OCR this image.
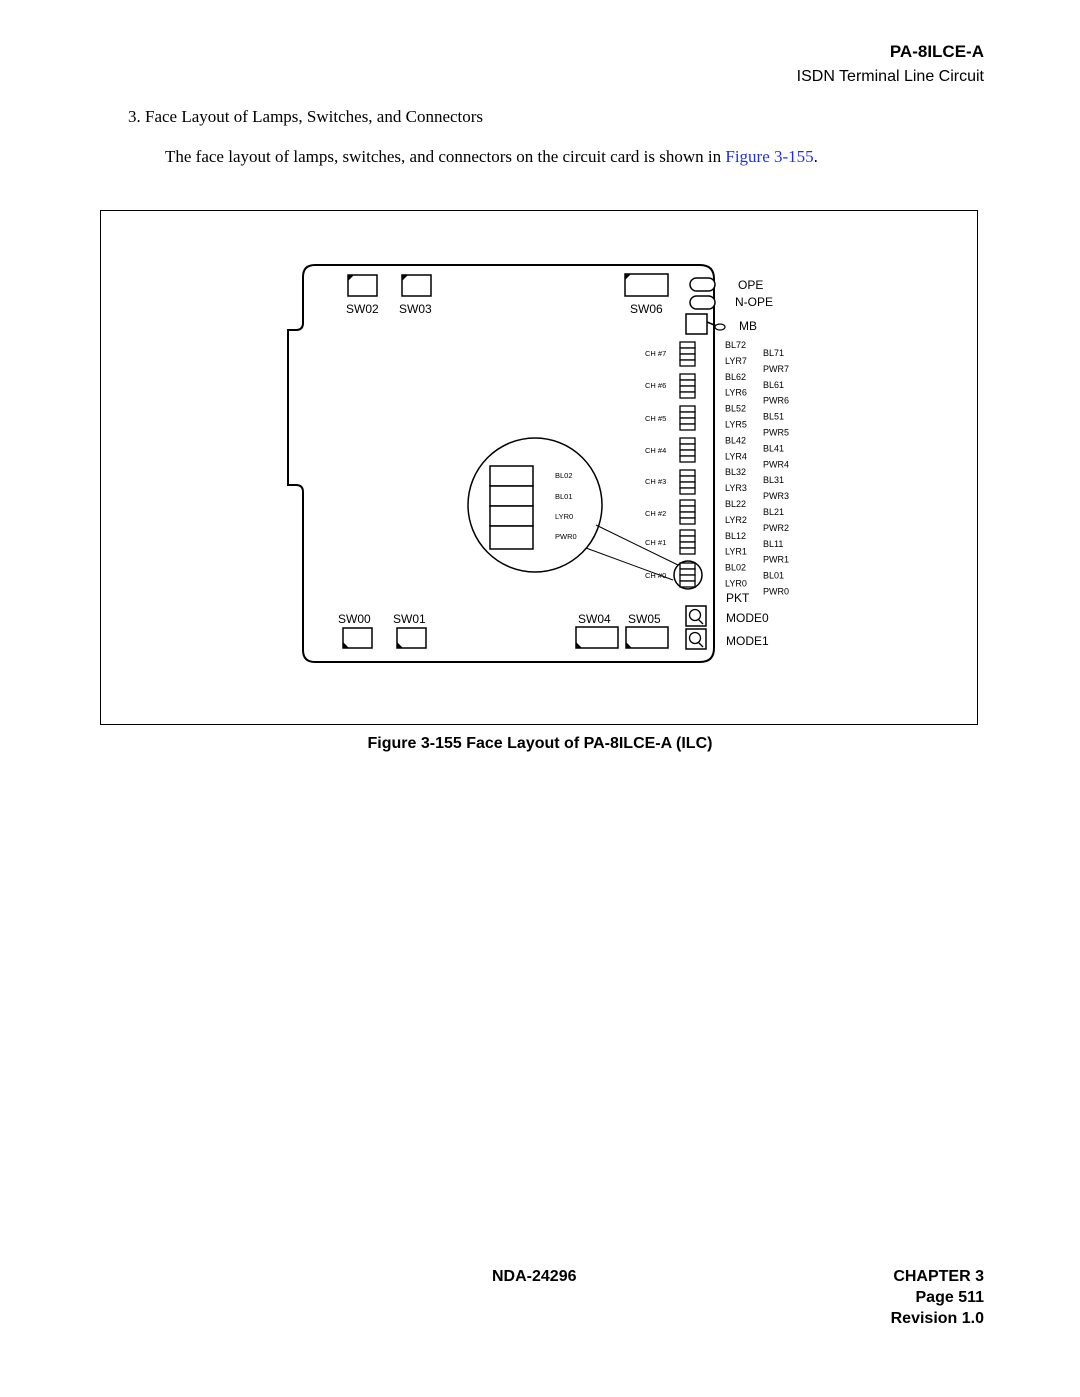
PA-8ILCE-A
ISDN Terminal Line Circuit
3. Face Layout of Lamps, Switches, and Connectors
The face layout of lamps, switches, and connectors on the circuit card is shown in Figure 3-155.
SW02 SW03	SW06
OPE
N-OPE
MB
CH #7
CH #6
CH #5
CH #4
CH #3
CH #2
CH #1
CH #0
BL72
LYR7
BL62
LYR6
BL52
LYR5
BL42
LYR4
BL32
LYR3
BL22
LYR2
BL12
LYR1
BL02
LYR0
BL71
PWR7
BL61
PWR6
BL51
PWR5
BL41
PWR4
BL31
PWR3
BL21
PWR2
BL11
PWR1
BL01
PWR0
BL02
BL01
LYR0
PWR0
PKT
MODE0
MODE1
SW00 SW01	SW04 SW05
Figure 3-155 Face Layout of PA-8ILCE-A (ILC)
NDA-24296	CHAPTER 3
Page 511
Revision 1.0
